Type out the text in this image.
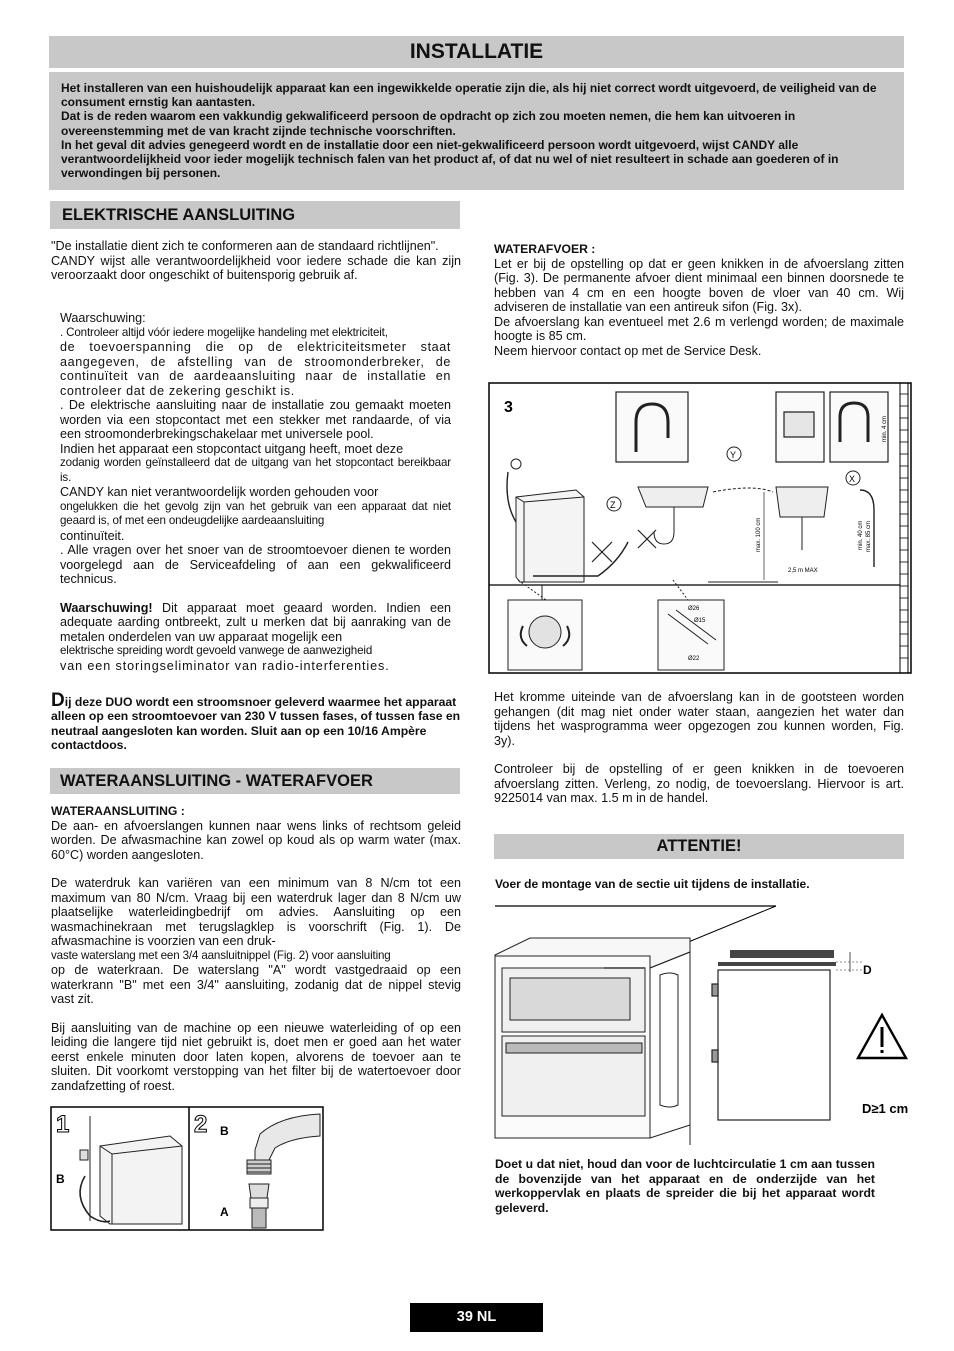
INSTALLATIE

Het installeren van een huishoudelijk apparaat kan een ingewikkelde operatie zijn die, als hij niet correct wordt uitgevoerd, de veiligheid van de consument ernstig kan aantasten.

Dat is de reden waarom een vakkundig gekwalificeerd persoon de opdracht op zich zou moeten nemen, die hem kan uitvoeren in overeenstemming met de van kracht zijnde technische voorschriften.

In het geval dit advies genegeerd wordt en de installatie door een niet-gekwalificeerd persoon wordt uitgevoerd, wijst CANDY alle verantwoordelijkheid voor ieder mogelijk technisch falen van het product af, of dat nu wel of niet resulteert in schade aan goederen of in verwondingen bij personen.

ELEKTRISCHE AANSLUITING

"De installatie dient zich te conformeren aan de standaard richtlijnen".

CANDY wijst alle verantwoordelijkheid voor iedere schade die kan zijn veroorzaakt door ongeschikt of buitensporig gebruik af.

Waarschuwing:

. Controleer altijd vóór iedere mogelijke handeling met elektriciteit,

de toevoerspanning die op de elektriciteitsmeter staat aangegeven, de afstelling van de stroomonderbreker, de continuïteit van de aardeaansluiting naar de installatie en controleer dat de zekering geschikt is.

. De elektrische aansluiting naar de installatie zou gemaakt moeten worden via een stopcontact met een stekker met randaarde, of via een stroomonderbrekingschakelaar met universele pool.

Indien het apparaat een stopcontact uitgang heeft, moet deze

zodanig worden geïnstalleerd dat de uitgang van het stopcontact bereikbaar is.

CANDY kan niet verantwoordelijk worden gehouden voor

ongelukken die het gevolg zijn van het gebruik van een apparaat dat niet geaard is, of met een ondeugdelijke aardeaansluiting

continuïteit.

. Alle vragen over het snoer van de stroomtoevoer dienen te worden voorgelegd aan de Serviceafdeling of aan een gekwalificeerd technicus.

Waarschuwing! Dit apparaat moet geaard worden. Indien een adequate aarding ontbreekt, zult u merken dat bij aanraking van de metalen onderdelen van uw apparaat mogelijk een

elektrische spreiding wordt gevoeld vanwege de aanwezigheid

van een storingseliminator van radio-interferenties.

Dij deze DUO wordt een stroomsnoer geleverd waarmee het apparaat alleen op een stroomtoevoer van 230 V tussen fases, of tussen fase en neutraal aangesloten kan worden. Sluit aan op een 10/16 Ampère contactdoos.
WATERAANSLUITING - WATERAFVOER

WATERAANSLUITING :

De aan- en afvoerslangen kunnen naar wens links of rechtsom geleid worden. De afwasmachine kan zowel op koud als op warm water (max. 60°C) worden aangesloten.

De waterdruk kan variëren van een minimum van 8 N/cm tot een maximum van 80 N/cm. Vraag bij een waterdruk lager dan 8 N/cm uw plaatselijke waterleidingbedrijf om advies. Aansluiting op een wasmachinekraan met terugslagklep is voorschrift (Fig. 1). De afwasmachine is voorzien van een druk-

vaste waterslang met een 3/4 aansluitnippel (Fig. 2) voor aansluiting

op de waterkraan. De waterslang "A" wordt vastgedraaid op een waterkrann "B" met een 3/4" aansluiting, zodanig dat de nippel stevig vast zit.

Bij aansluiting van de machine op een nieuwe waterleiding of op een leiding die langere tijd niet gebruikt is, doet men er goed aan het water eerst enkele minuten door laten kopen, alvorens de toevoer aan te sluiten. Dit voorkomt verstopping van het filter bij de watertoevoer door zandafzetting of roest.

1
B
2 B
A

WATERAFVOER :

Let er bij de opstelling op dat er geen knikken in de afvoerslang zitten (Fig. 3). De permanente afvoer dient minimaal een binnen doorsnede te hebben van 4 cm en een hoogte boven de vloer van 40 cm. Wij adviseren de installatie van een antireuk sifon (Fig. 3x).

De afvoerslang kan eventueel met 2.6 m verlengd worden; de maximale hoogte is 85 cm.

Neem hiervoor contact op met de Service Desk.

3
Y
X
Z
max. 100 cm	max. 85 cm
min. 40 cm
min. 4 cm
2,5 m MAX
Ø26
Ø15
Ø22

Het kromme uiteinde van de afvoerslang kan in de gootsteen worden gehangen (dit mag niet onder water staan, aangezien het water dan tijdens het wasprogramma weer opgezogen zou kunnen worden, Fig. 3y).

Controleer bij de opstelling of er geen knikken in de toevoeren afvoerslang zitten. Verleng, zo nodig, de toevoerslang. Hiervoor is art. 9225014 van max. 1.5 m in de handel.

ATTENTIE!
Voer de montage van de sectie uit tijdens de installatie.
D
D≥1 cm
Doet u dat niet, houd dan voor de luchtcirculatie 1 cm aan tussen de bovenzijde van het apparaat en de onderzijde van het werkoppervlak en plaats de spreider die bij het apparaat wordt geleverd.
39 NL
